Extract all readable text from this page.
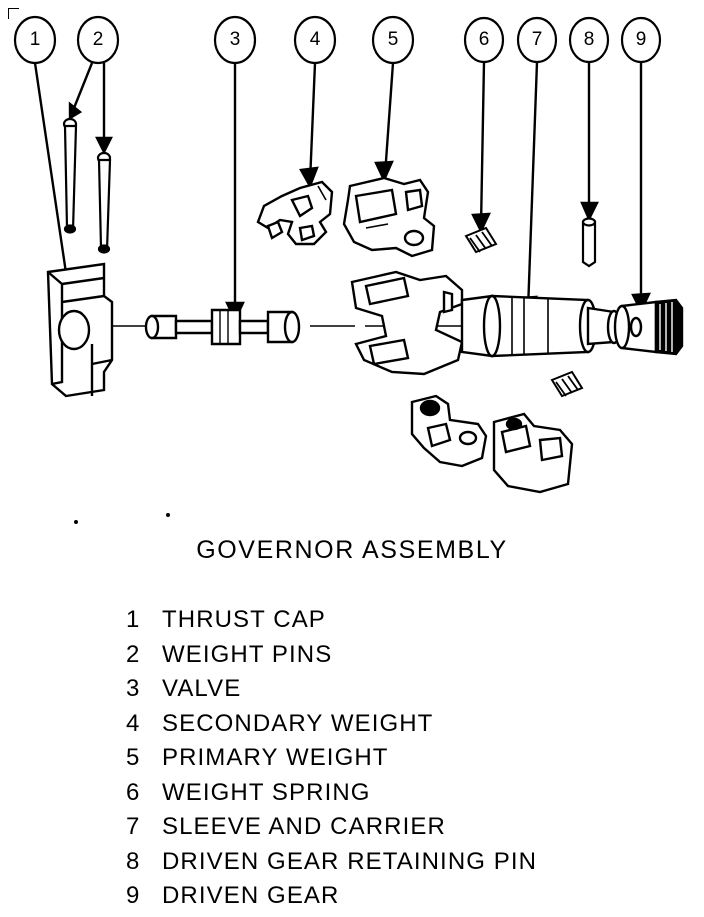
1	2	3	4	5	6 7 8 9
GOVERNOR ASSEMBLY
1 THRUST CAP
2 WEIGHT PINS
3 VALVE
4 SECONDARY WEIGHT
5 PRIMARY WEIGHT
6 WEIGHT SPRING
7 SLEEVE AND CARRIER
8 DRIVEN GEAR RETAINING PIN
9 DRIVEN GEAR
